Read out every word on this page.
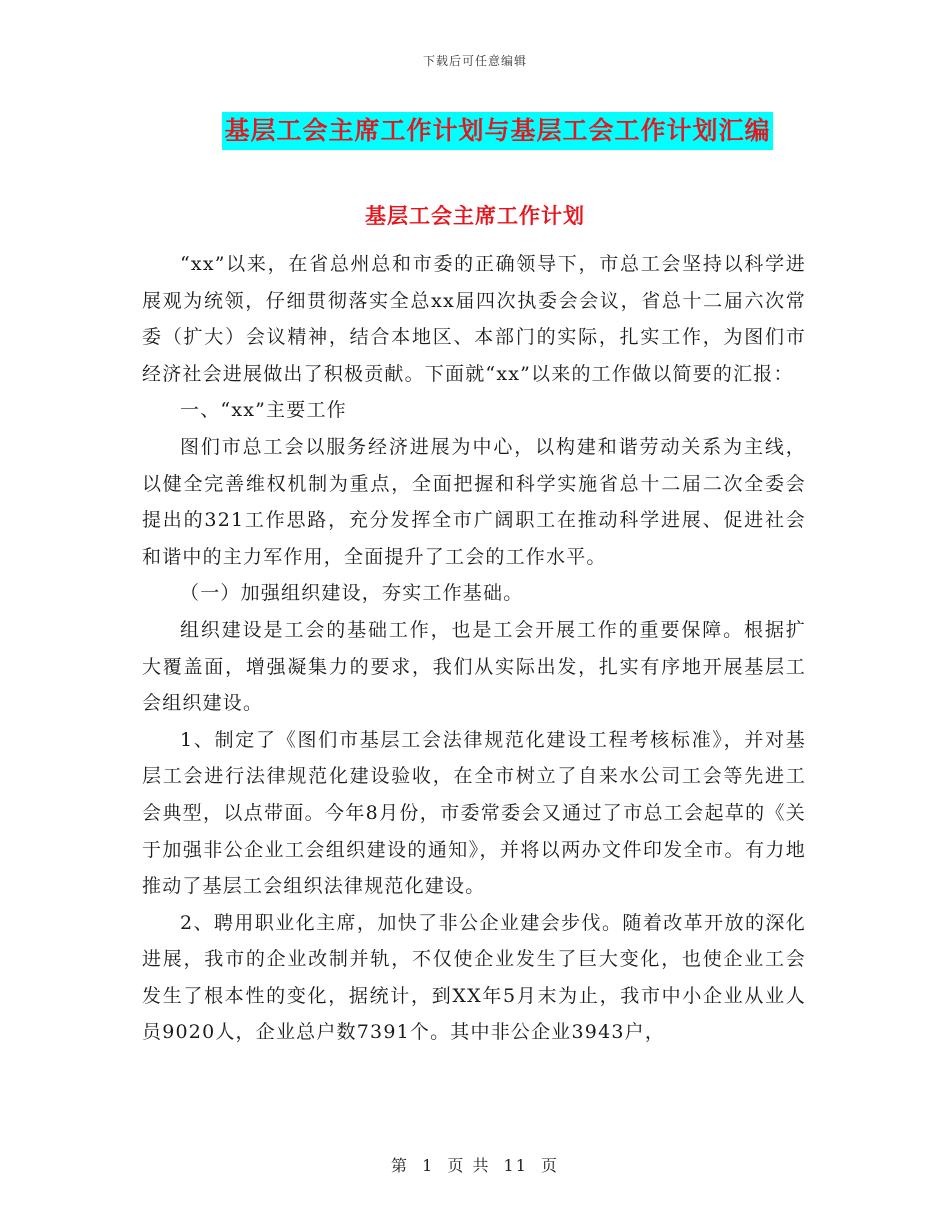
下载后可任意编辑
基层工会主席工作计划与基层工会工作计划汇编
基层工会主席工作计划

“xx”以来，在省总州总和市委的正确领导下，市总工会坚持以科学进展观为统领，仔细贯彻落实全总xx届四次执委会会议，省总十二届六次常委（扩大）会议精神，结合本地区、本部门的实际，扎实工作，为图们市经济社会进展做出了积极贡献。下面就“xx”以来的工作做以简要的汇报：

一、“xx”主要工作

图们市总工会以服务经济进展为中心，以构建和谐劳动关系为主线，以健全完善维权机制为重点，全面把握和科学实施省总十二届二次全委会提出的321工作思路，充分发挥全市广阔职工在推动科学进展、促进社会和谐中的主力军作用，全面提升了工会的工作水平。

（一）加强组织建设，夯实工作基础。

组织建设是工会的基础工作，也是工会开展工作的重要保障。根据扩大覆盖面，增强凝集力的要求，我们从实际出发，扎实有序地开展基层工会组织建设。

1、制定了《图们市基层工会法律规范化建设工程考核标准》，并对基层工会进行法律规范化建设验收，在全市树立了自来水公司工会等先进工会典型，以点带面。今年8月份，市委常委会又通过了市总工会起草的《关于加强非公企业工会组织建设的通知》，并将以两办文件印发全市。有力地推动了基层工会组织法律规范化建设。

2、聘用职业化主席，加快了非公企业建会步伐。随着改革开放的深化进展，我市的企业改制并轨，不仅使企业发生了巨大变化，也使企业工会发生了根本性的变化，据统计，到XX年5月末为止，我市中小企业从业人员9020人，企业总户数7391个。其中非公企业3943户，

第 1 页 共 11 页
